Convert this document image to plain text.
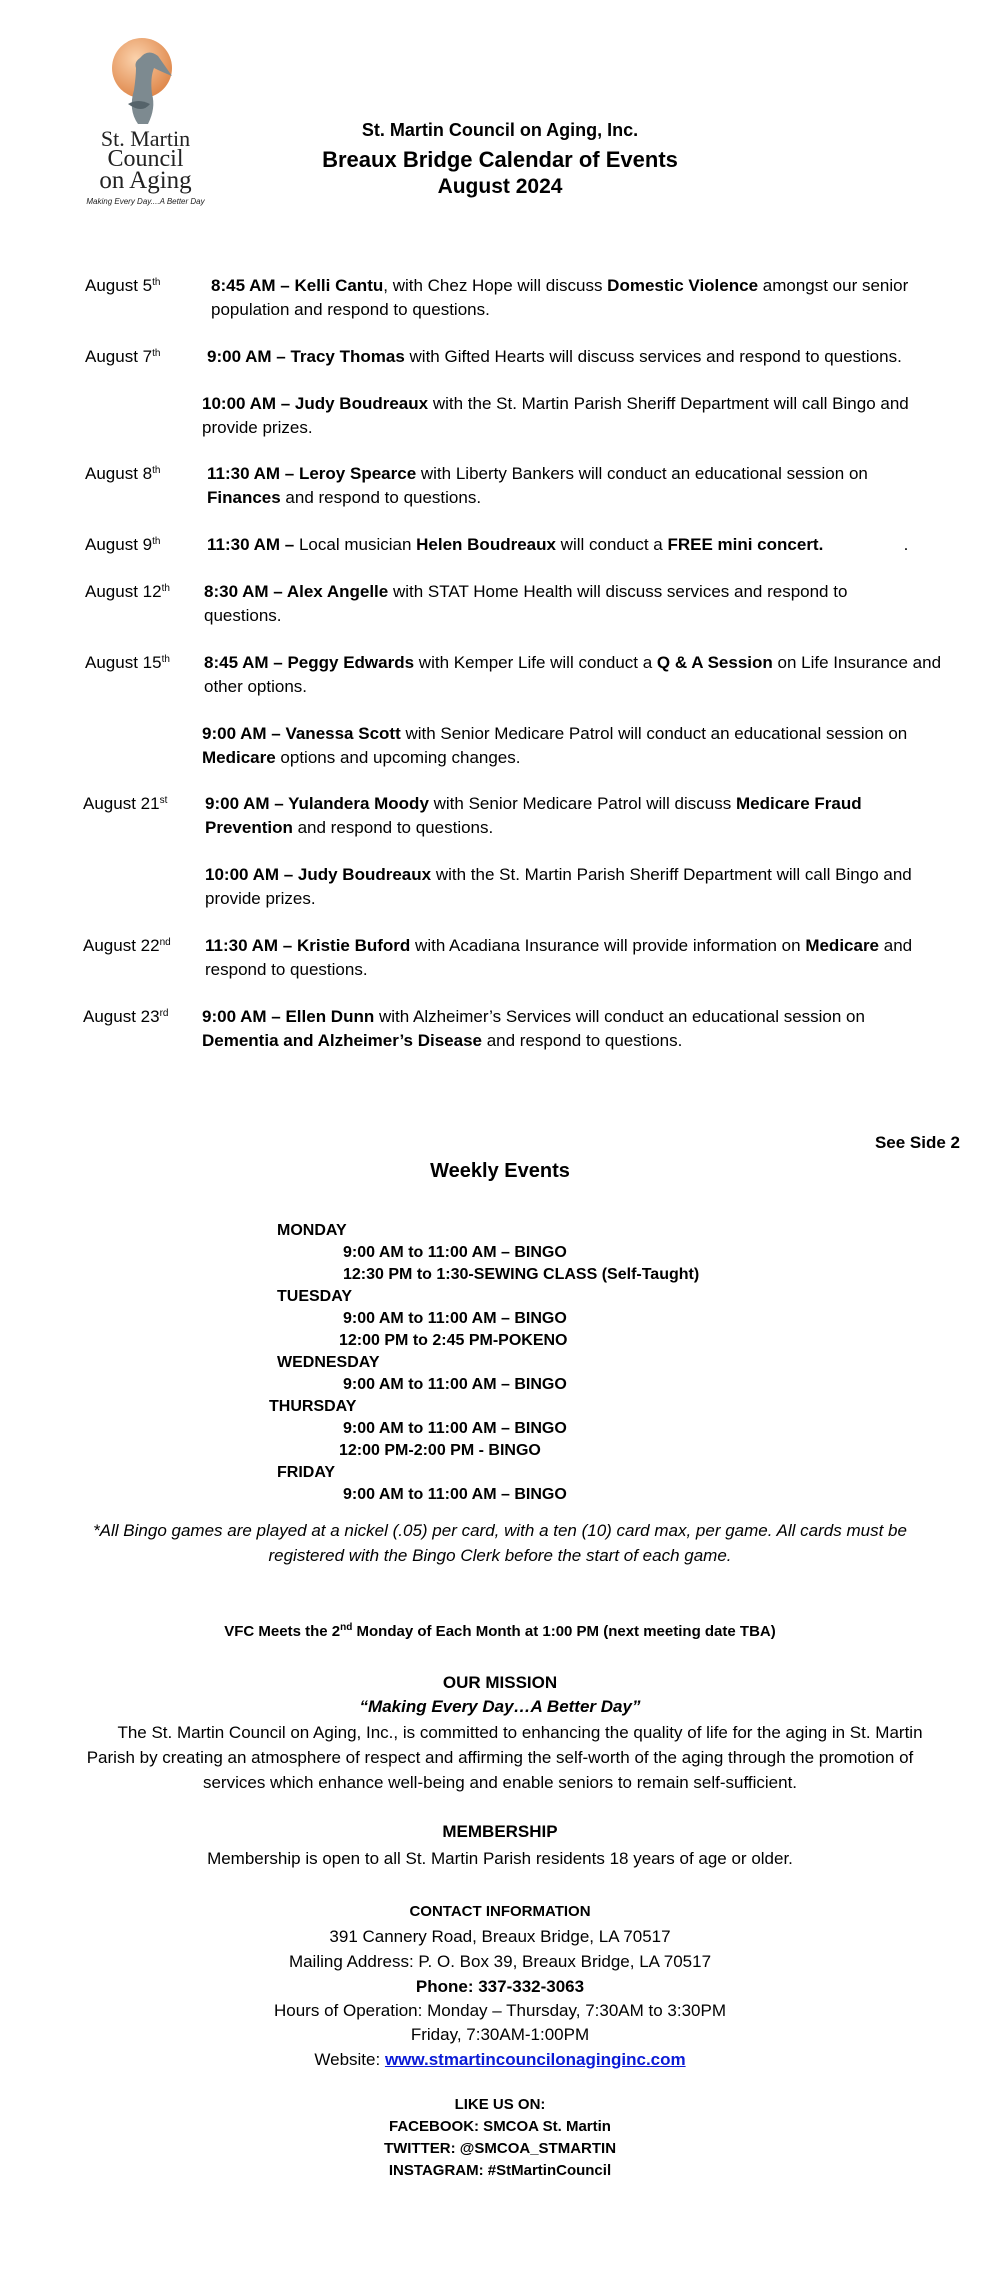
St. Martin
Council
on Aging
Making Every Day....A Better Day
St. Martin Council on Aging, Inc.
Breaux Bridge Calendar of Events
August 2024
August 5th	8:45 AM – Kelli Cantu, with Chez Hope will discuss Domestic Violence amongst our senior population and respond to questions.
August 7th	9:00 AM – Tracy Thomas with Gifted Hearts will discuss services and respond to questions.
10:00 AM – Judy Boudreaux with the St. Martin Parish Sheriff Department will call Bingo and provide prizes.
August 8th	11:30 AM – Leroy Spearce with Liberty Bankers will conduct an educational session on Finances and respond to questions.
August 9th	11:30 AM – Local musician Helen Boudreaux will conduct a FREE mini concert.                 .
August 12th 8:30 AM – Alex Angelle with STAT Home Health will discuss services and respond to questions.
August 15th 8:45 AM – Peggy Edwards with Kemper Life will conduct a Q & A Session on Life Insurance and other options.
9:00 AM – Vanessa Scott with Senior Medicare Patrol will conduct an educational session on Medicare options and upcoming changes.
August 21st 9:00 AM – Yulandera Moody with Senior Medicare Patrol will discuss Medicare Fraud Prevention and respond to questions.
10:00 AM – Judy Boudreaux with the St. Martin Parish Sheriff Department will call Bingo and provide prizes.
August 22nd 11:30 AM – Kristie Buford with Acadiana Insurance will provide information on Medicare and respond to questions.
August 23rd 9:00 AM – Ellen Dunn with Alzheimer’s Services will conduct an educational session on Dementia and Alzheimer’s Disease and respond to questions.
See Side 2
Weekly Events
MONDAY
9:00 AM to 11:00 AM – BINGO
12:30 PM to 1:30-SEWING CLASS (Self-Taught)
TUESDAY
9:00 AM to 11:00 AM – BINGO
12:00 PM to 2:45 PM-POKENO
WEDNESDAY
9:00 AM to 11:00 AM – BINGO
THURSDAY
9:00 AM to 11:00 AM – BINGO
12:00 PM-2:00 PM - BINGO
FRIDAY
9:00 AM to 11:00 AM – BINGO
*All Bingo games are played at a nickel (.05) per card, with a ten (10) card max, per game. All cards must be
registered with the Bingo Clerk before the start of each game.
VFC Meets the 2nd Monday of Each Month at 1:00 PM (next meeting date TBA)
OUR MISSION
“Making Every Day…A Better Day”
The St. Martin Council on Aging, Inc., is committed to enhancing the quality of life for the aging in St. Martin
Parish by creating an atmosphere of respect and affirming the self-worth of the aging through the promotion of
services which enhance well-being and enable seniors to remain self-sufficient.
MEMBERSHIP
Membership is open to all St. Martin Parish residents 18 years of age or older.
CONTACT INFORMATION
391 Cannery Road, Breaux Bridge, LA 70517
Mailing Address: P. O. Box 39, Breaux Bridge, LA 70517
Phone: 337-332-3063
Hours of Operation: Monday – Thursday, 7:30AM to 3:30PM
Friday, 7:30AM-1:00PM
Website: www.stmartincouncilonaginginc.com
LIKE US ON:
FACEBOOK: SMCOA St. Martin
TWITTER: @SMCOA_STMARTIN
INSTAGRAM: #StMartinCouncil
